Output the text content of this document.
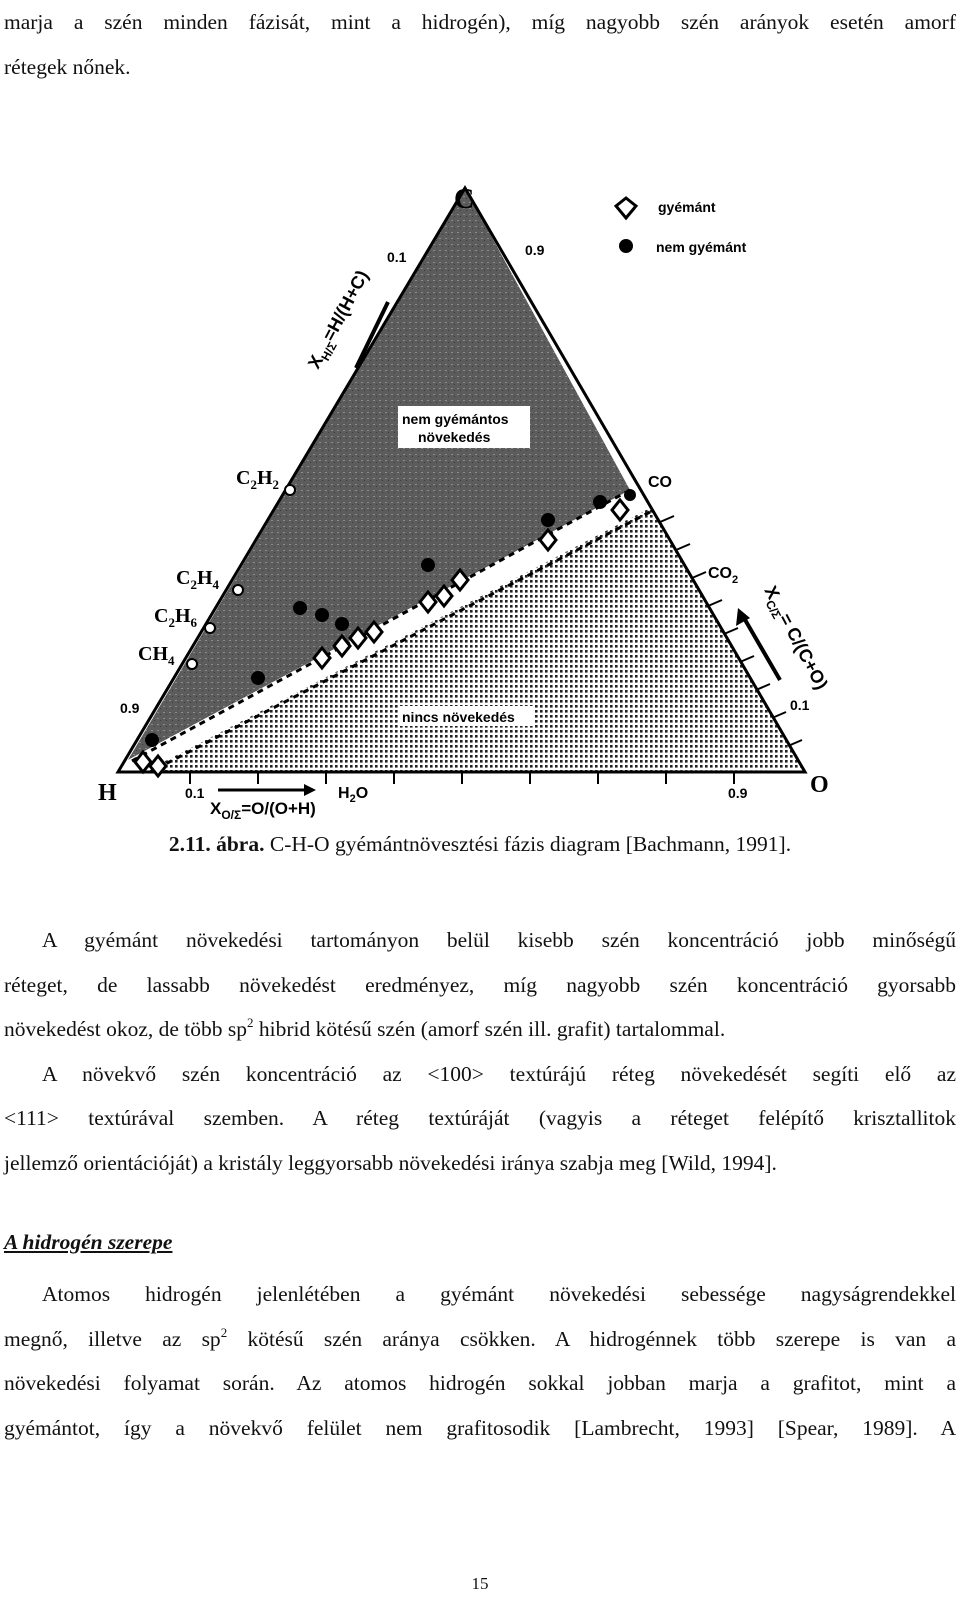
marja a szén minden fázisát, mint a hidrogén), míg nagyobb szén arányok esetén amorf
rétegek nőnek.
gyémánt
nem gyémánt
C
H	O
0.1	0.9
0.9	0.1
0.1	0.9
$X_{H/\Sigma}=H/(H+C)$
$X_{C/\Sigma}= C/(C+O)$
$X_{O/\Sigma}=O/(O+H)$
nem gyémántos
növekedés
nincs növekedés
$C_2H_2$
$C_2H_4$
$C_2H_6$
$CH_4$
CO
$CO_2$
$H_2O$
2.11. ábra. C-H-O gyémántnövesztési fázis diagram [Bachmann, 1991].
A gyémánt növekedési tartományon belül kisebb szén koncentráció jobb minőségű
réteget, de lassabb növekedést eredményez, míg nagyobb szén koncentráció gyorsabb
növekedést okoz, de több $sp^2$ hibrid kötésű szén (amorf szén ill. grafit) tartalommal.
A növekvő szén koncentráció az <100> textúrájú réteg növekedését segíti elő az
<111> textúrával szemben. A réteg textúráját (vagyis a réteget felépítő krisztallitok
jellemző orientációját) a kristály leggyorsabb növekedési iránya szabja meg [Wild, 1994].
A hidrogén szerepe
Atomos hidrogén jelenlétében a gyémánt növekedési sebessége nagyságrendekkel
megnő, illetve az $sp^2$ kötésű szén aránya csökken. A hidrogénnek több szerepe is van a
növekedési folyamat során. Az atomos hidrogén sokkal jobban marja a grafitot, mint a
gyémántot, így a növekvő felület nem grafitosodik [Lambrecht, 1993] [Spear, 1989]. A
15
